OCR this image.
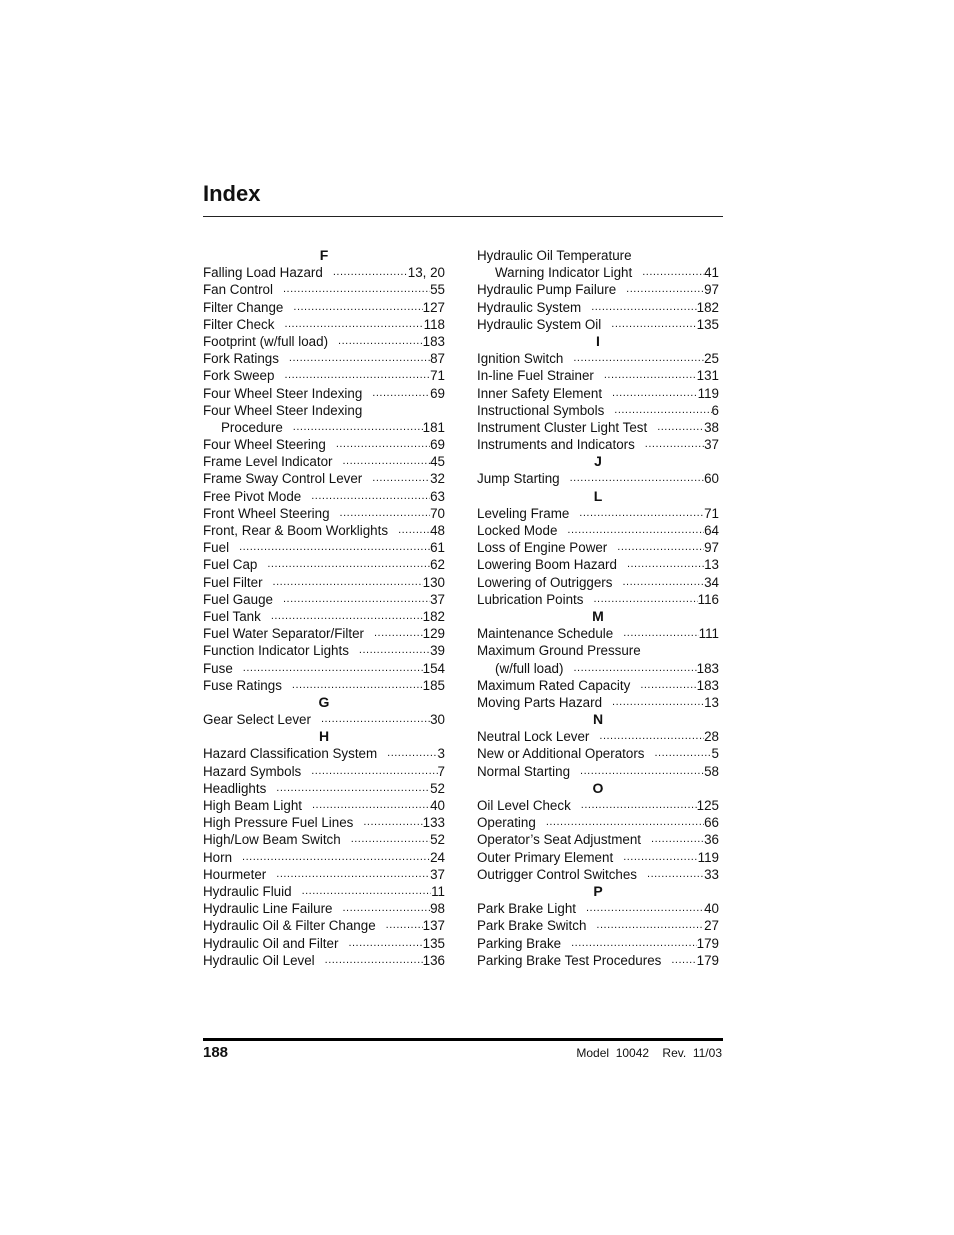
Index
F
Falling Load Hazard .....	13, 20
Fan Control .....	55
Filter Change .....	127
Filter Check .....	118
Footprint (w/full load) .....	183
Fork Ratings .....	87
Fork Sweep .....	71
Four Wheel Steer Indexing .....	69
Four Wheel Steer Indexing
Procedure .....	181
Four Wheel Steering .....	69
Frame Level Indicator .....	45
Frame Sway Control Lever .....	32
Free Pivot Mode .....	63
Front Wheel Steering .....	70
Front, Rear & Boom Worklights .....	48
Fuel .....	61
Fuel Cap .....	62
Fuel Filter .....	130
Fuel Gauge .....	37
Fuel Tank .....	182
Fuel Water Separator/Filter .....	129
Function Indicator Lights .....	39
Fuse .....	154
Fuse Ratings .....	185
G
Gear Select Lever .....	30
H
Hazard Classification System .....	3
Hazard Symbols .....	7
Headlights .....	52
High Beam Light .....	40
High Pressure Fuel Lines .....	133
High/Low Beam Switch .....	52
Horn .....	24
Hourmeter .....	37
Hydraulic Fluid .....	11
Hydraulic Line Failure .....	98
Hydraulic Oil & Filter Change .....	137
Hydraulic Oil and Filter .....	135
Hydraulic Oil Level .....	136
Hydraulic Oil Temperature
Warning Indicator Light .....	41
Hydraulic Pump Failure .....	97
Hydraulic System .....	182
Hydraulic System Oil .....	135
I
Ignition Switch .....	25
In-line Fuel Strainer .....	131
Inner Safety Element .....	119
Instructional Symbols .....	6
Instrument Cluster Light Test .....	38
Instruments and Indicators .....	37
J
Jump Starting .....	60
L
Leveling Frame .....	71
Locked Mode .....	64
Loss of Engine Power .....	97
Lowering Boom Hazard .....	13
Lowering of Outriggers .....	34
Lubrication Points .....	116
M
Maintenance Schedule .....	111
Maximum Ground Pressure
(w/full load) .....	183
Maximum Rated Capacity .....	183
Moving Parts Hazard .....	13
N
Neutral Lock Lever .....	28
New or Additional Operators .....	5
Normal Starting .....	58
O
Oil Level Check .....	125
Operating .....	66
Operator’s Seat Adjustment .....	36
Outer Primary Element .....	119
Outrigger Control Switches .....	33
P
Park Brake Light .....	40
Park Brake Switch .....	27
Parking Brake .....	179
Parking Brake Test Procedures .....	179
188	Model  10042    Rev.  11/03
